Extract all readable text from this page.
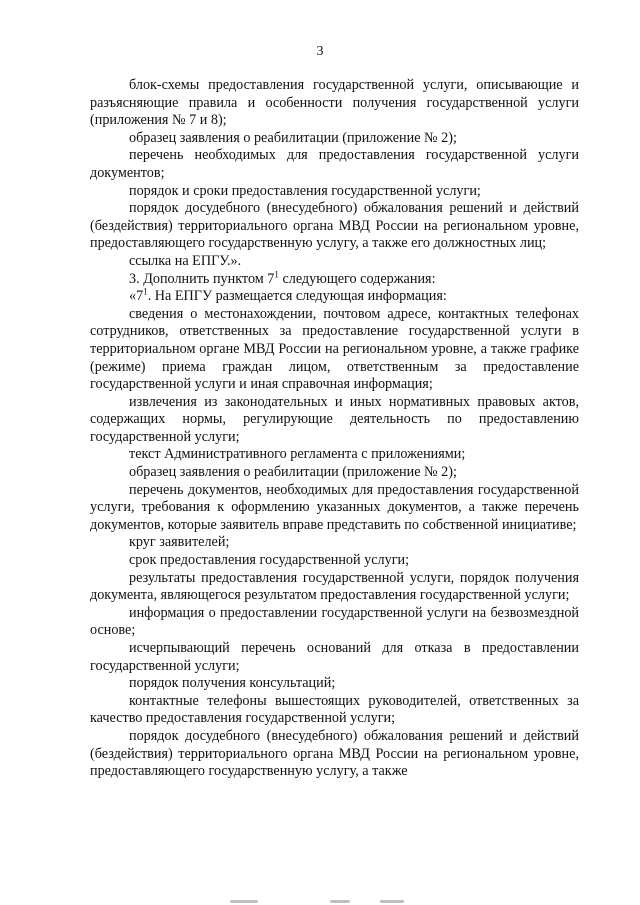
3

блок-схемы предоставления государственной услуги, описывающие и разъясняющие правила и особенности получения государственной услуги (приложения № 7 и 8);

образец заявления о реабилитации (приложение № 2);

перечень необходимых для предоставления государственной услуги документов;

порядок и сроки предоставления государственной услуги;

порядок досудебного (внесудебного) обжалования решений и действий (бездействия) территориального органа МВД России на региональном уровне, предоставляющего государственную услугу, а также его должностных лиц;

ссылка на ЕПГУ.».

3. Дополнить пунктом $7^1$ следующего содержания:

«$7^1$. На ЕПГУ размещается следующая информация:

сведения о местонахождении, почтовом адресе, контактных телефонах сотрудников, ответственных за предоставление государственной услуги в территориальном органе МВД России на региональном уровне, а также графике (режиме) приема граждан лицом, ответственным за предоставление государственной услуги и иная справочная информация;

извлечения из законодательных и иных нормативных правовых актов, содержащих нормы, регулирующие деятельность по предоставлению государственной услуги;

текст Административного регламента с приложениями;

образец заявления о реабилитации (приложение № 2);

перечень документов, необходимых для предоставления государственной услуги, требования к оформлению указанных документов, а также перечень документов, которые заявитель вправе представить по собственной инициативе;

круг заявителей;

срок предоставления государственной услуги;

результаты предоставления государственной услуги, порядок получения документа, являющегося результатом предоставления государственной услуги;

информация о предоставлении государственной услуги на безвозмездной основе;

исчерпывающий перечень оснований для отказа в предоставлении государственной услуги;

порядок получения консультаций;

контактные телефоны вышестоящих руководителей, ответственных за качество предоставления государственной услуги;

порядок досудебного (внесудебного) обжалования решений и действий (бездействия) территориального органа МВД России на региональном уровне, предоставляющего государственную услугу, а также
